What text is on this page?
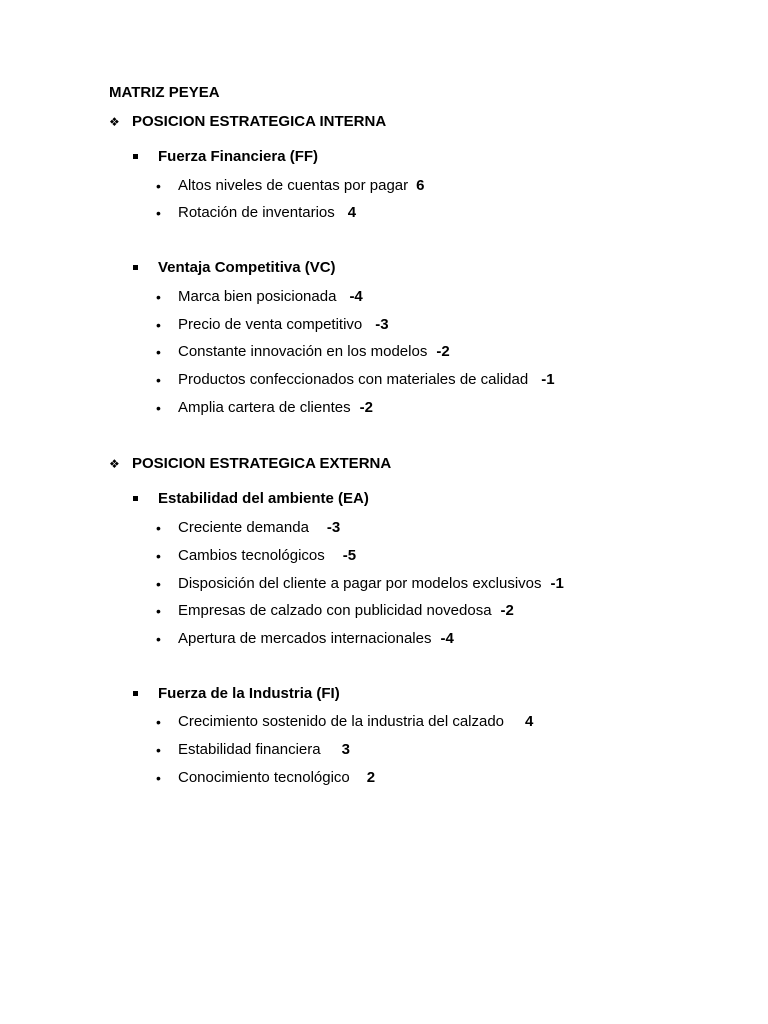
MATRIZ PEYEA
❖ POSICION ESTRATEGICA INTERNA
Fuerza Financiera (FF)
•	Altos niveles de cuentas por pagar 6
•	Rotación de inventarios 4
Ventaja Competitiva (VC)
•	Marca bien posicionada -4
•	Precio de venta competitivo -3
•	Constante innovación en los modelos -2
•	Productos confeccionados con materiales de calidad -1
•	Amplia cartera de clientes -2
❖ POSICION ESTRATEGICA EXTERNA
Estabilidad del ambiente (EA)
•	Creciente demanda -3
•	Cambios tecnológicos -5
•	Disposición del cliente a pagar por modelos exclusivos -1
•	Empresas de calzado con publicidad novedosa -2
•	Apertura de mercados internacionales -4
Fuerza de la Industria (FI)
•	Crecimiento sostenido de la industria del calzado 4
•	Estabilidad financiera 3
•	Conocimiento tecnológico 2
